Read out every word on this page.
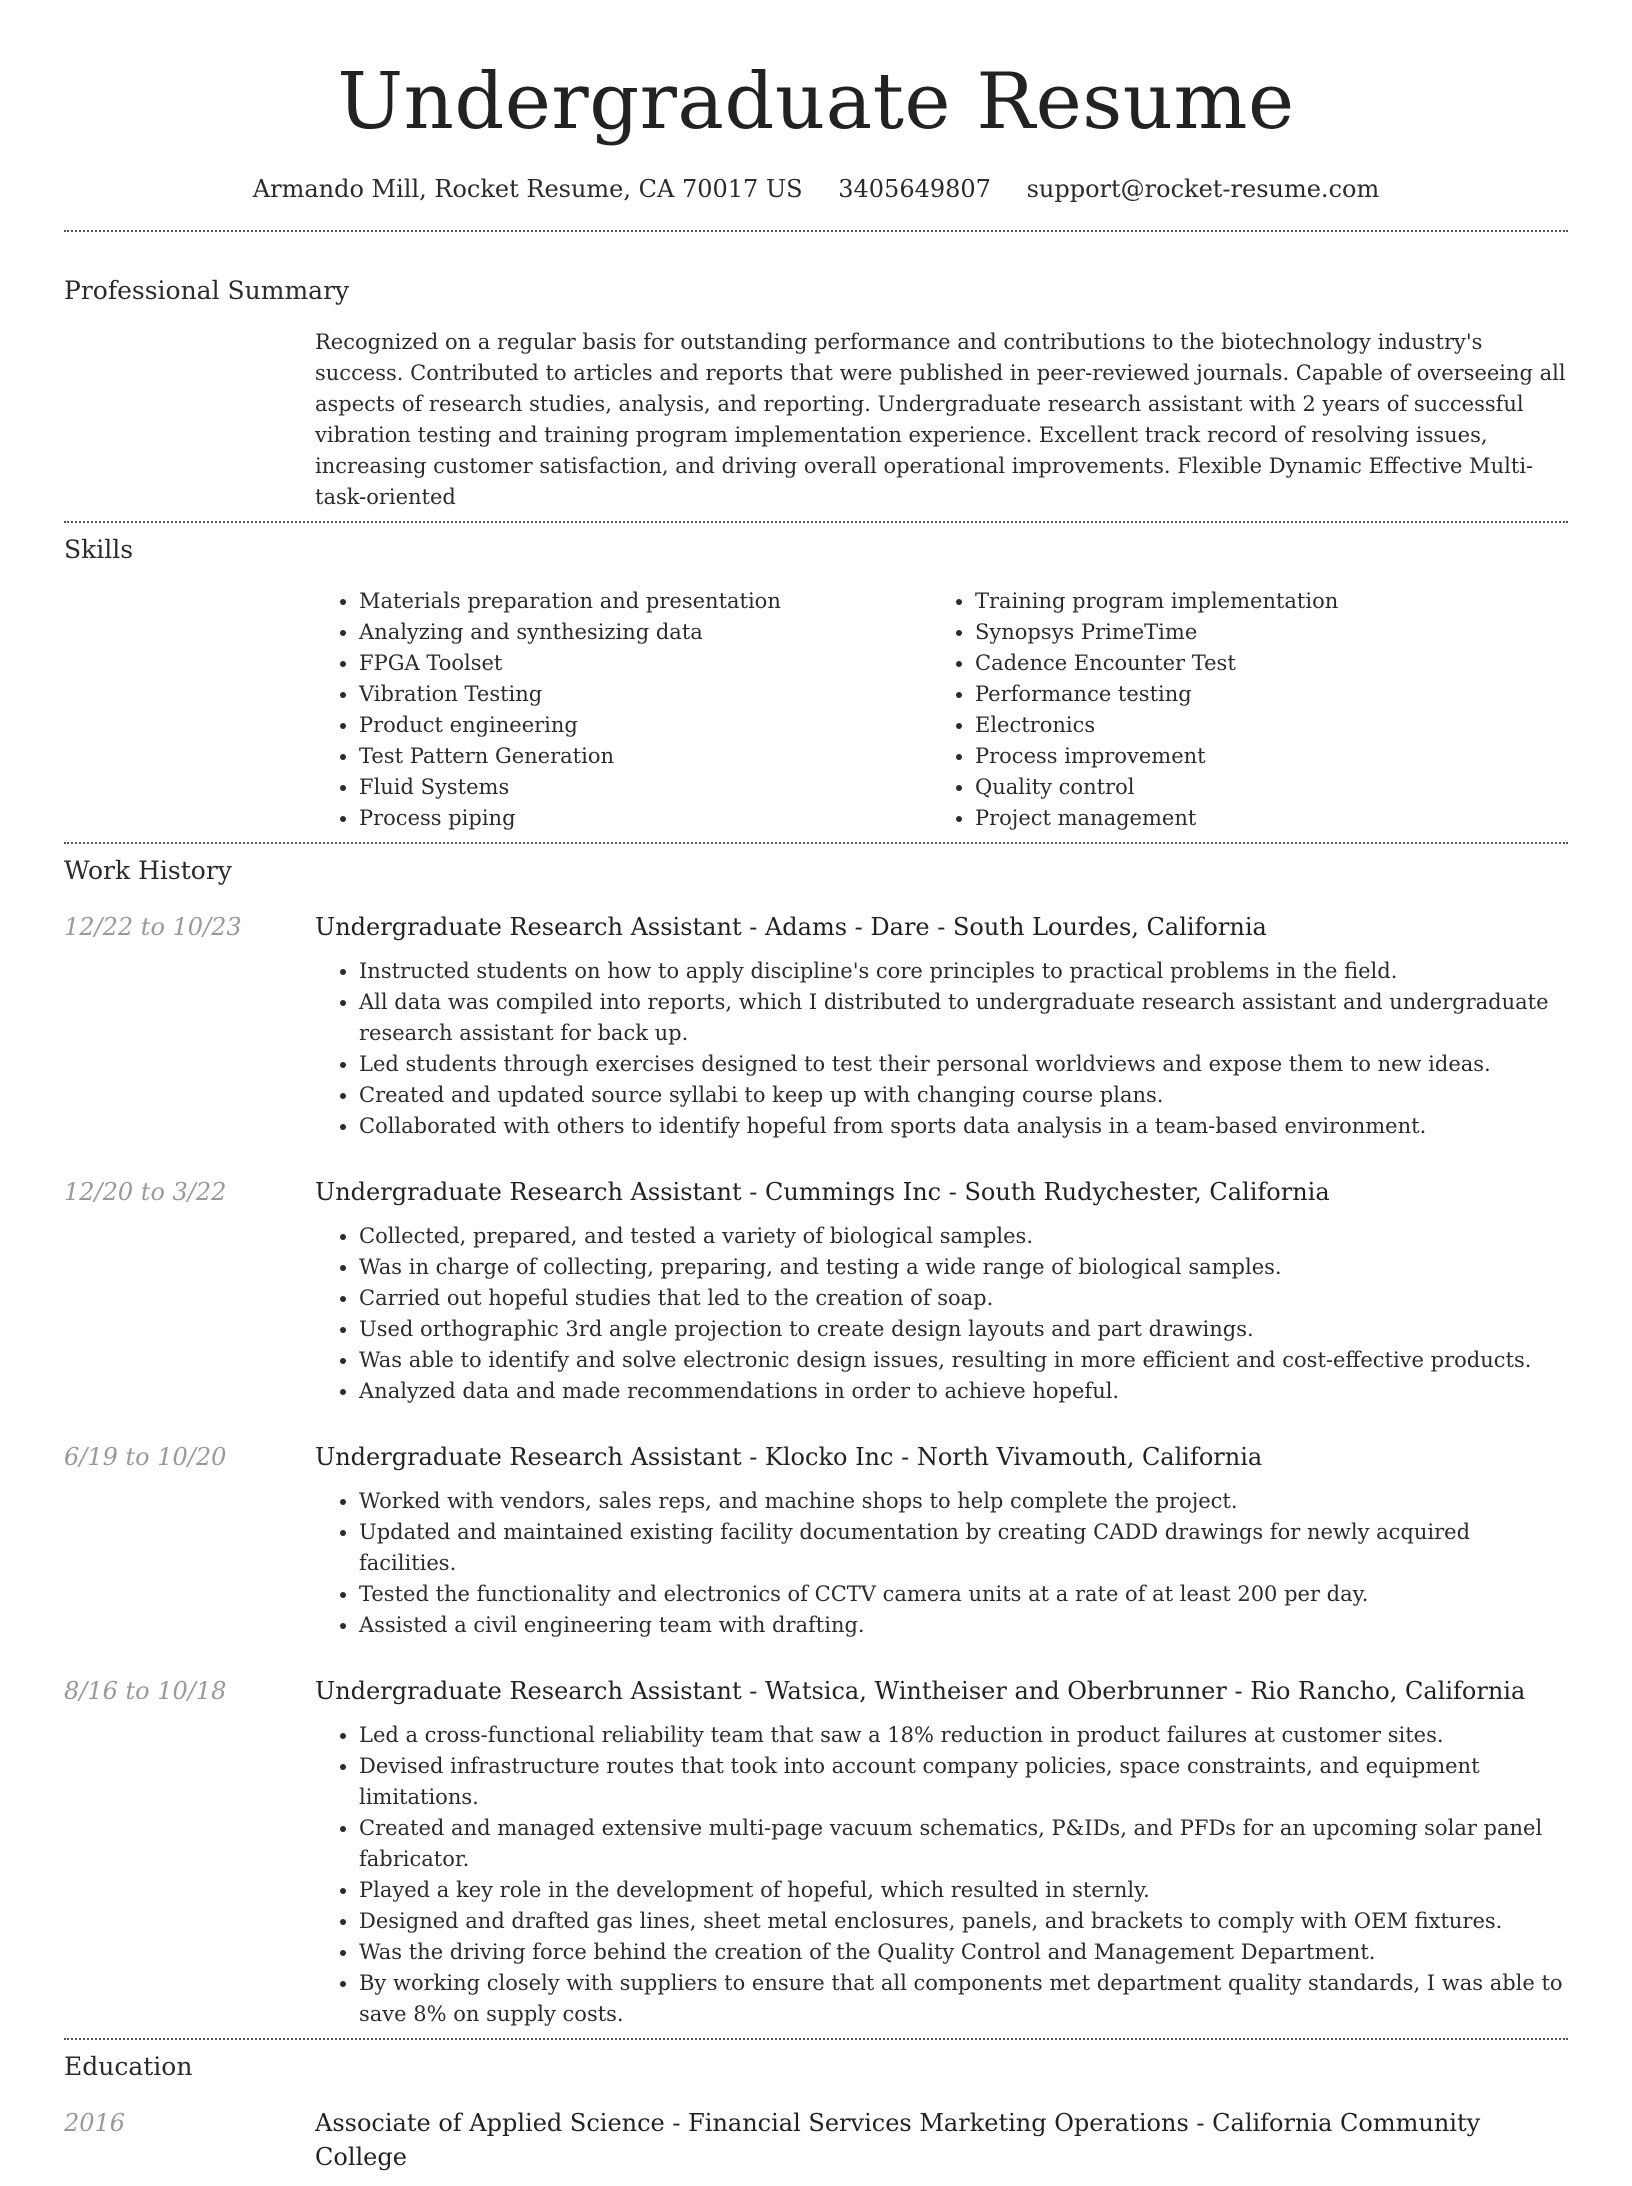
Undergraduate Resume
Armando Mill, Rocket Resume, CA 70017 US 3405649807 support@rocket-resume.com
Professional Summary

Recognized on a regular basis for outstanding performance and contributions to the biotechnology industry's success. Contributed to articles and reports that were published in peer-reviewed journals. Capable of overseeing all aspects of research studies, analysis, and reporting. Undergraduate research assistant with 2 years of successful vibration testing and training program implementation experience. Excellent track record of resolving issues, increasing customer satisfaction, and driving overall operational improvements. Flexible Dynamic Effective Multi-task-oriented

Skills
• Materials preparation and presentation
• Analyzing and synthesizing data
• FPGA Toolset
• Vibration Testing
• Product engineering
• Test Pattern Generation
• Fluid Systems
• Process piping
• Training program implementation
• Synopsys PrimeTime
• Cadence Encounter Test
• Performance testing
• Electronics
• Process improvement
• Quality control
• Project management
Work History
12/22 to 10/23	Undergraduate Research Assistant - Adams - Dare - South Lourdes, California
• Instructed students on how to apply discipline's core principles to practical problems in the field.
• All data was compiled into reports, which I distributed to undergraduate research assistant and undergraduate research assistant for back up.
• Led students through exercises designed to test their personal worldviews and expose them to new ideas.
• Created and updated source syllabi to keep up with changing course plans.
• Collaborated with others to identify hopeful from sports data analysis in a team-based environment.
12/20 to 3/22	Undergraduate Research Assistant - Cummings Inc - South Rudychester, California
• Collected, prepared, and tested a variety of biological samples.
• Was in charge of collecting, preparing, and testing a wide range of biological samples.
• Carried out hopeful studies that led to the creation of soap.
• Used orthographic 3rd angle projection to create design layouts and part drawings.
• Was able to identify and solve electronic design issues, resulting in more efficient and cost-effective products.
• Analyzed data and made recommendations in order to achieve hopeful.
6/19 to 10/20	Undergraduate Research Assistant - Klocko Inc - North Vivamouth, California
• Worked with vendors, sales reps, and machine shops to help complete the project.
• Updated and maintained existing facility documentation by creating CADD drawings for newly acquired facilities.
• Tested the functionality and electronics of CCTV camera units at a rate of at least 200 per day.
• Assisted a civil engineering team with drafting.
8/16 to 10/18	Undergraduate Research Assistant - Watsica, Wintheiser and Oberbrunner - Rio Rancho, California
• Led a cross-functional reliability team that saw a 18% reduction in product failures at customer sites.
• Devised infrastructure routes that took into account company policies, space constraints, and equipment limitations.
• Created and managed extensive multi-page vacuum schematics, P&IDs, and PFDs for an upcoming solar panel fabricator.
• Played a key role in the development of hopeful, which resulted in sternly.
• Designed and drafted gas lines, sheet metal enclosures, panels, and brackets to comply with OEM fixtures.
• Was the driving force behind the creation of the Quality Control and Management Department.
• By working closely with suppliers to ensure that all components met department quality standards, I was able to save 8% on supply costs.
Education
2016	Associate of Applied Science - Financial Services Marketing Operations - California Community College
